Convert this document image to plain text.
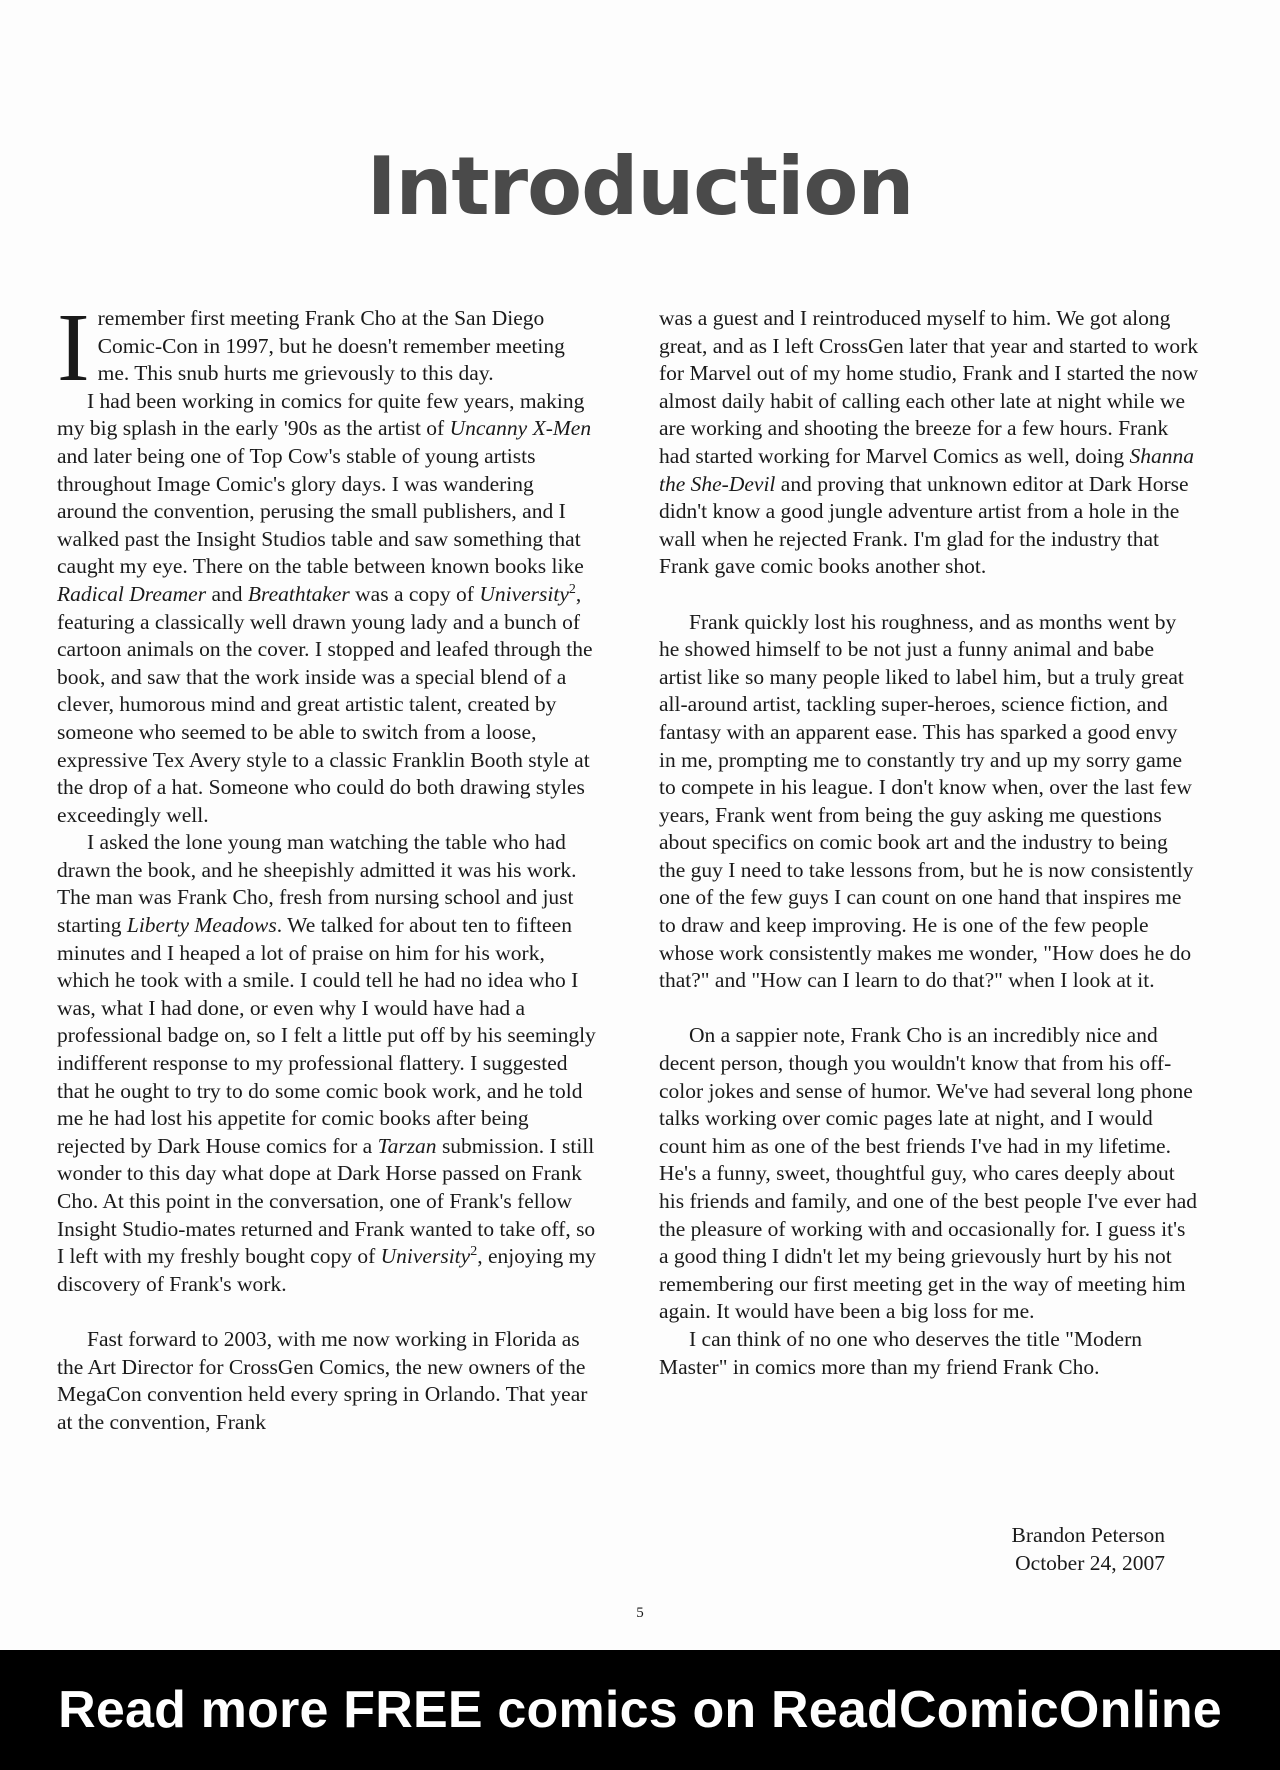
Introduction

I remember first meeting Frank Cho at the San Diego Comic-Con in 1997, but he doesn't remember meeting me. This snub hurts me grievously to this day.

I had been working in comics for quite few years, making my big splash in the early '90s as the artist of Uncanny X-Men and later being one of Top Cow's stable of young artists throughout Image Comic's glory days. I was wandering around the convention, perusing the small publishers, and I walked past the Insight Studios table and saw something that caught my eye. There on the table between known books like Radical Dreamer and Breathtaker was a copy of University$^2$, featuring a classically well drawn young lady and a bunch of cartoon animals on the cover. I stopped and leafed through the book, and saw that the work inside was a special blend of a clever, humorous mind and great artistic talent, created by someone who seemed to be able to switch from a loose, expressive Tex Avery style to a classic Franklin Booth style at the drop of a hat. Someone who could do both drawing styles exceedingly well.

I asked the lone young man watching the table who had drawn the book, and he sheepishly admitted it was his work. The man was Frank Cho, fresh from nursing school and just starting Liberty Meadows. We talked for about ten to fifteen minutes and I heaped a lot of praise on him for his work, which he took with a smile. I could tell he had no idea who I was, what I had done, or even why I would have had a professional badge on, so I felt a little put off by his seemingly indifferent response to my professional flattery. I suggested that he ought to try to do some comic book work, and he told me he had lost his appetite for comic books after being rejected by Dark House comics for a Tarzan submission. I still wonder to this day what dope at Dark Horse passed on Frank Cho. At this point in the conversation, one of Frank's fellow Insight Studio-mates returned and Frank wanted to take off, so I left with my freshly bought copy of University$^2$, enjoying my discovery of Frank's work.

Fast forward to 2003, with me now working in Florida as the Art Director for CrossGen Comics, the new owners of the MegaCon convention held every spring in Orlando. That year at the convention, Frank

was a guest and I reintroduced myself to him. We got along great, and as I left CrossGen later that year and started to work for Marvel out of my home studio, Frank and I started the now almost daily habit of calling each other late at night while we are working and shooting the breeze for a few hours. Frank had started working for Marvel Comics as well, doing Shanna the She-Devil and proving that unknown editor at Dark Horse didn't know a good jungle adventure artist from a hole in the wall when he rejected Frank. I'm glad for the industry that Frank gave comic books another shot.

Frank quickly lost his roughness, and as months went by he showed himself to be not just a funny animal and babe artist like so many people liked to label him, but a truly great all-around artist, tackling super-heroes, science fiction, and fantasy with an apparent ease. This has sparked a good envy in me, prompting me to constantly try and up my sorry game to compete in his league. I don't know when, over the last few years, Frank went from being the guy asking me questions about specifics on comic book art and the industry to being the guy I need to take lessons from, but he is now consistently one of the few guys I can count on one hand that inspires me to draw and keep improving. He is one of the few people whose work consistently makes me wonder, "How does he do that?" and "How can I learn to do that?" when I look at it.

On a sappier note, Frank Cho is an incredibly nice and decent person, though you wouldn't know that from his off-color jokes and sense of humor. We've had several long phone talks working over comic pages late at night, and I would count him as one of the best friends I've had in my lifetime. He's a funny, sweet, thoughtful guy, who cares deeply about his friends and family, and one of the best people I've ever had the pleasure of working with and occasionally for. I guess it's a good thing I didn't let my being grievously hurt by his not remembering our first meeting get in the way of meeting him again. It would have been a big loss for me.

I can think of no one who deserves the title "Modern Master" in comics more than my friend Frank Cho.

Brandon Peterson
October 24, 2007
5
Read more FREE comics on ReadComicOnline
